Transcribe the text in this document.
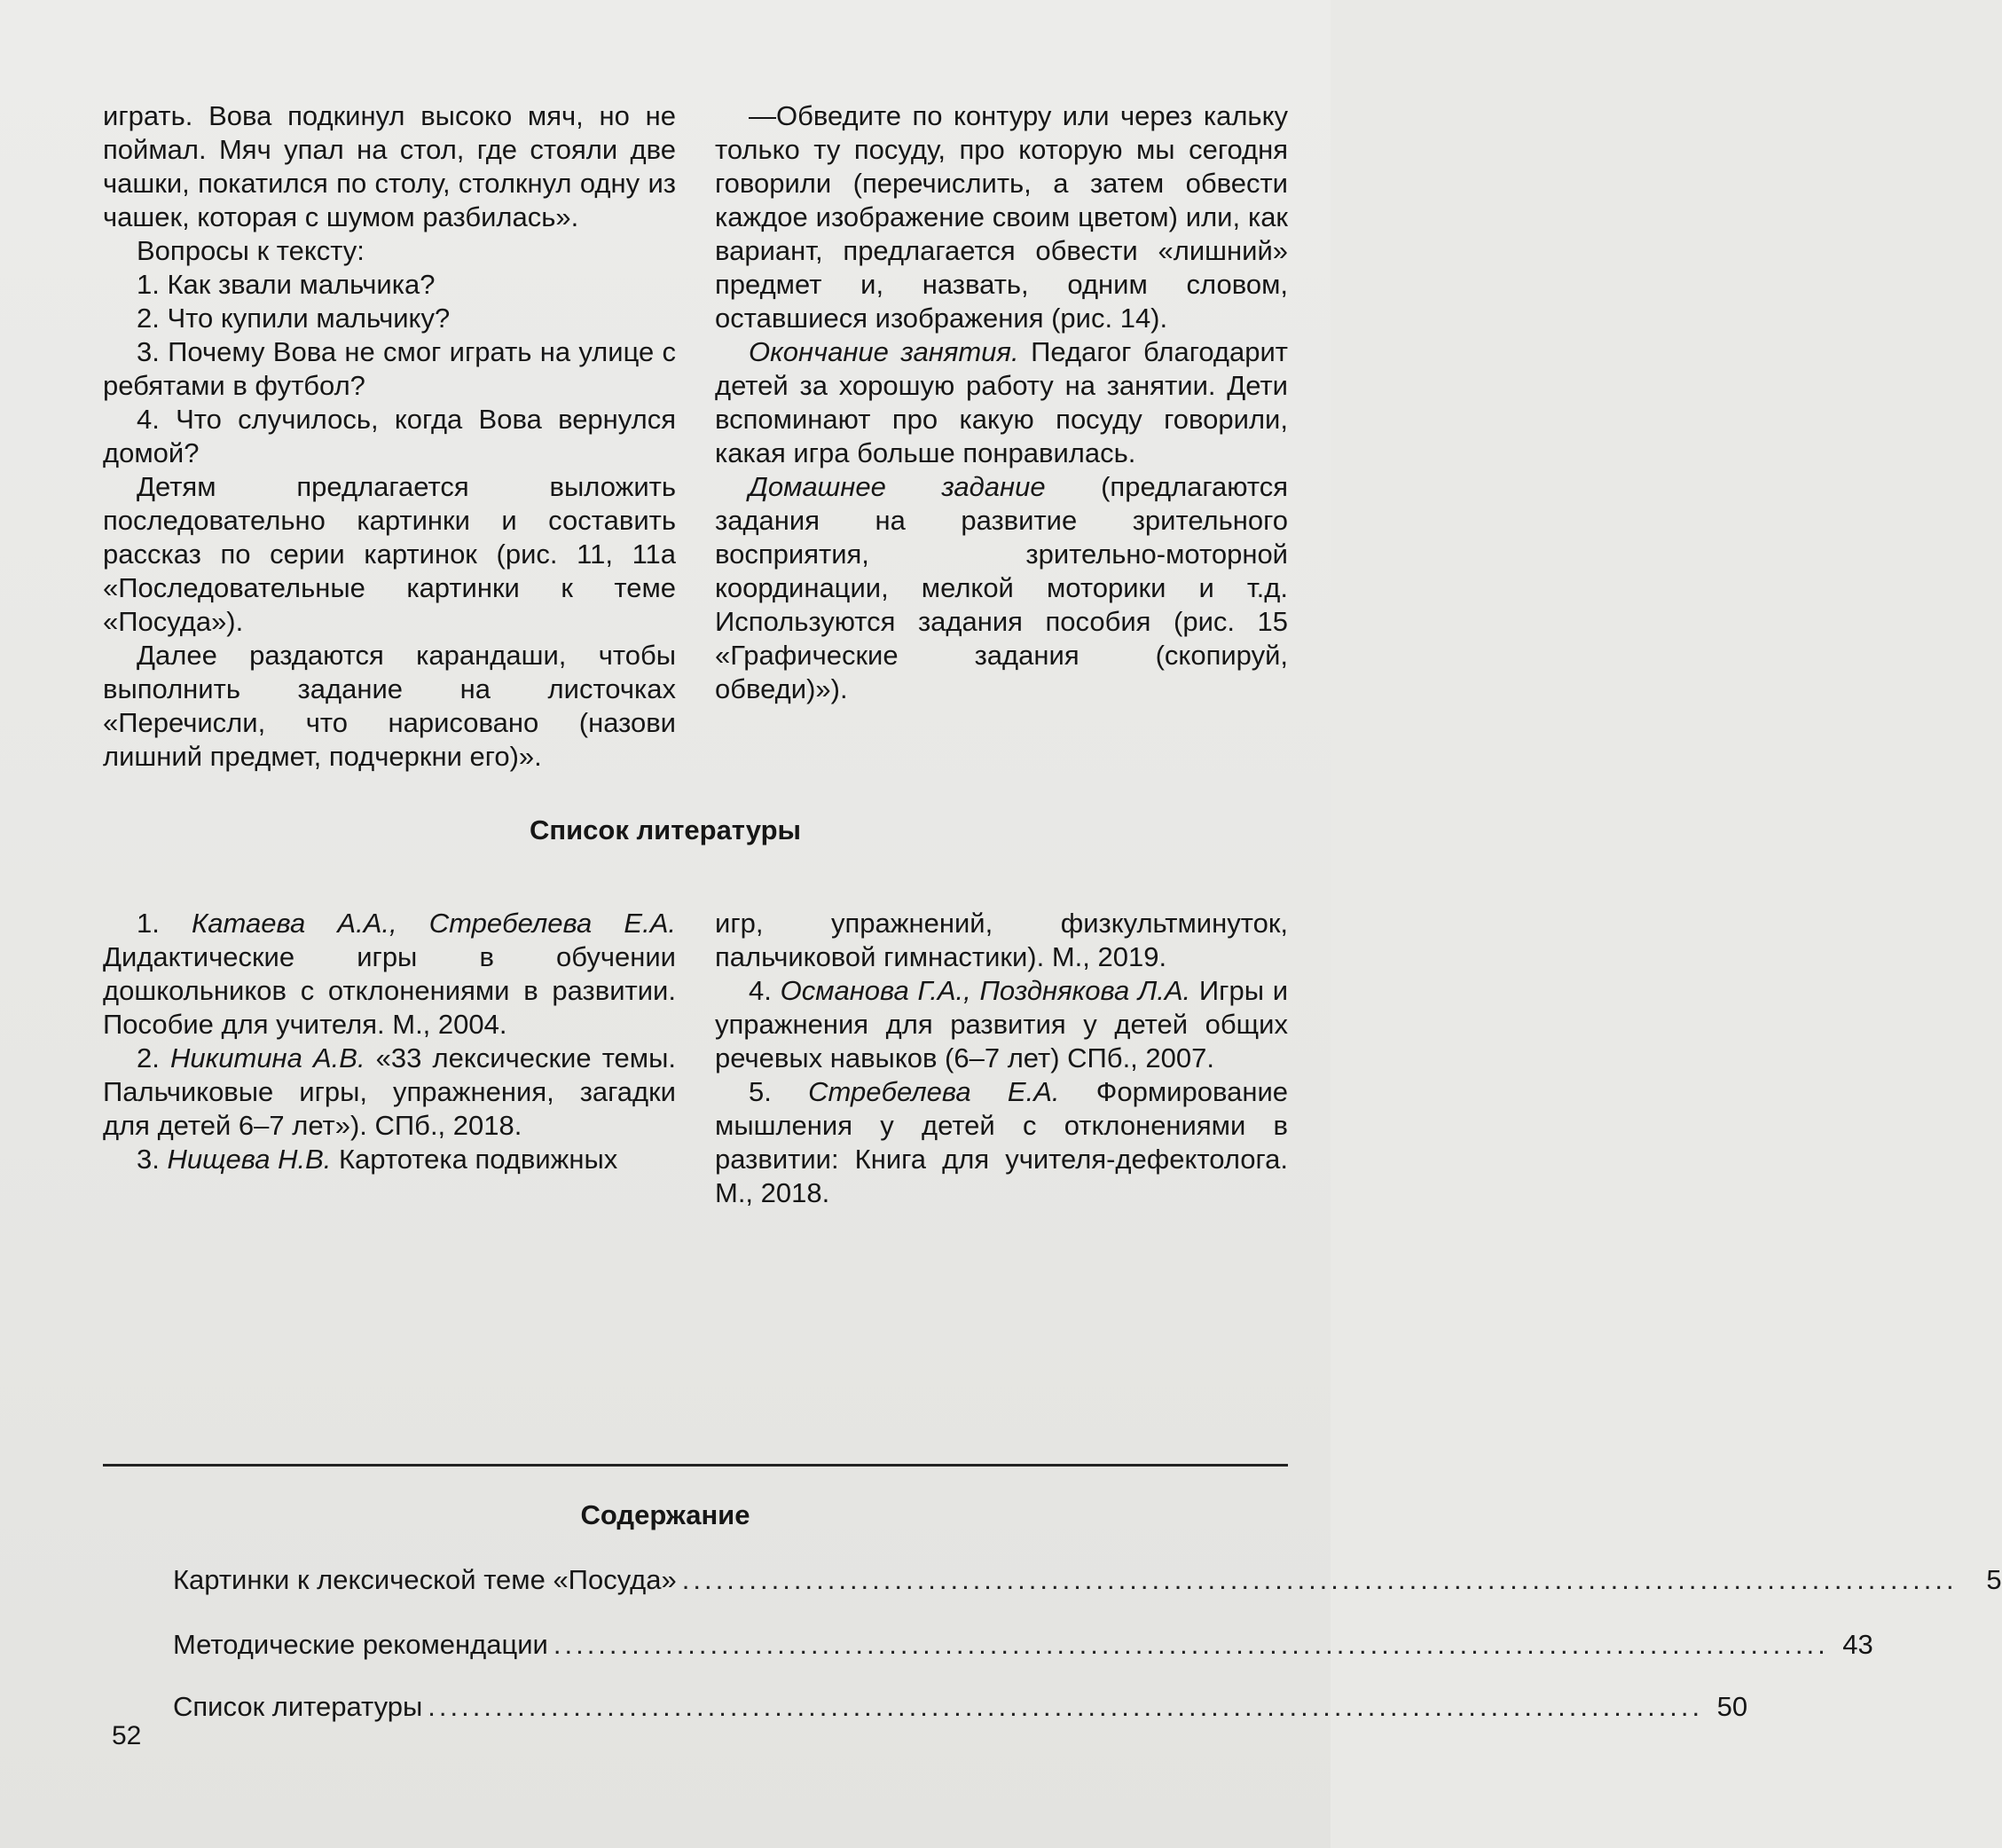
играть. Вова подкинул высоко мяч, но не поймал. Мяч упал на стол, где стояли две чашки, покатился по столу, столкнул одну из чашек, которая с шумом разбилась».

Вопросы к тексту:

1. Как звали мальчика?

2. Что купили мальчику?

3. Почему Вова не смог играть на улице с ребятами в футбол?

4. Что случилось, когда Вова вернулся домой?

Детям предлагается выложить последовательно картинки и составить рассказ по серии картинок (рис. 11, 11а «Последовательные картинки к теме «Посуда»).

Далее раздаются карандаши, чтобы выполнить задание на листочках «Перечисли, что нарисовано (назови лишний предмет, подчеркни его)».

—Обведите по контуру или через кальку только ту посуду, про которую мы сегодня говорили (перечислить, а затем обвести каждое изображение своим цветом) или, как вариант, предлагается обвести «лишний» предмет и, назвать, одним словом, оставшиеся изображения (рис. 14).

Окончание занятия. Педагог благодарит детей за хорошую работу на занятии. Дети вспоминают про какую посуду говорили, какая игра больше понравилась.

Домашнее задание (предлагаются задания на развитие зрительного восприятия, зрительно-моторной координации, мелкой моторики и т.д. Используются задания пособия (рис. 15 «Графические задания (скопируй, обведи)»).

Список литературы

1. Катаева А.А., Стребелева Е.А. Дидактические игры в обучении дошкольников с отклонениями в развитии. Пособие для учителя. М., 2004.

2. Никитина А.В. «33 лексические темы. Пальчиковые игры, упражнения, загадки для детей 6–7 лет»). СПб., 2018.

3. Нищева Н.В. Картотека подвижных

игр, упражнений, физкультминуток, пальчиковой гимнастики). М., 2019.

4. Османова Г.А., Позднякова Л.А. Игры и упражнения для развития у детей общих речевых навыков (6–7 лет) СПб., 2007.

5. Стребелева Е.А. Формирование мышления у детей с отклонениями в развитии: Книга для учителя-дефектолога. М., 2018.

Содержание
Картинки к лексической теме «Посуда» ..................................................................................................................	5
Методические рекомендации .................................................................................................................. 43
Список литературы .................................................................................................................. 50
52
